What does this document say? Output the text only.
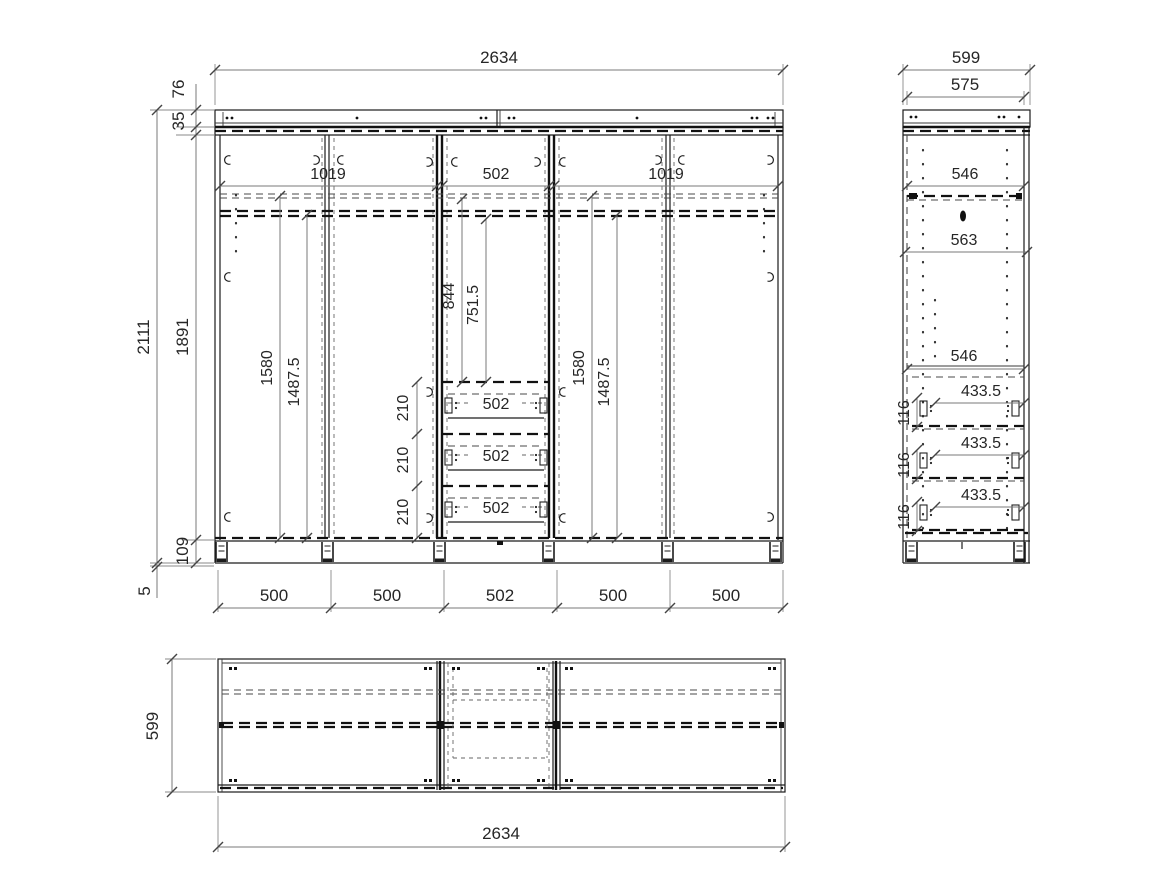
2634
2111
76
35
1891
109
5
1019	502	1019
1580 1487.5
844 751.5
1580 1487.5
210
210
210
502
502
502
500	500	502	500	500
599
575
546
563
546
433.5
433.5
433.5
116
116
116
599
2634
